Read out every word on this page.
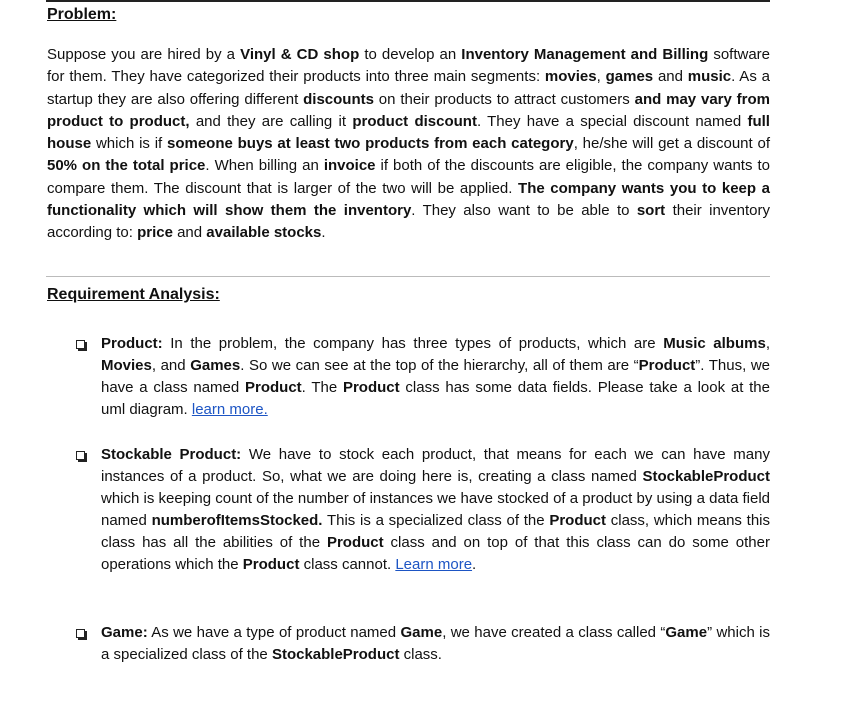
Problem:

Suppose you are hired by a Vinyl & CD shop to develop an Inventory Management and Billing software for them. They have categorized their products into three main segments: movies, games and music. As a startup they are also offering different discounts on their products to attract customers and may vary from product to product, and they are calling it product discount. They have a special discount named full house which is if someone buys at least two products from each category, he/she will get a discount of 50% on the total price. When billing an invoice if both of the discounts are eligible, the company wants to compare them. The discount that is larger of the two will be applied. The company wants you to keep a functionality which will show them the inventory. They also want to be able to sort their inventory according to: price and available stocks.

Requirement Analysis:

Product: In the problem, the company has three types of products, which are Music albums, Movies, and Games. So we can see at the top of the hierarchy, all of them are “Product”. Thus, we have a class named Product. The Product class has some data fields. Please take a look at the uml diagram. learn more.

Stockable Product: We have to stock each product, that means for each we can have many instances of a product. So, what we are doing here is, creating a class named StockableProduct which is keeping count of the number of instances we have stocked of a product by using a data field named numberofItemsStocked. This is a specialized class of the Product class, which means this class has all the abilities of the Product class and on top of that this class can do some other operations which the Product class cannot. Learn more.

Game: As we have a type of product named Game, we have created a class called “Game” which is a specialized class of the StockableProduct class.
